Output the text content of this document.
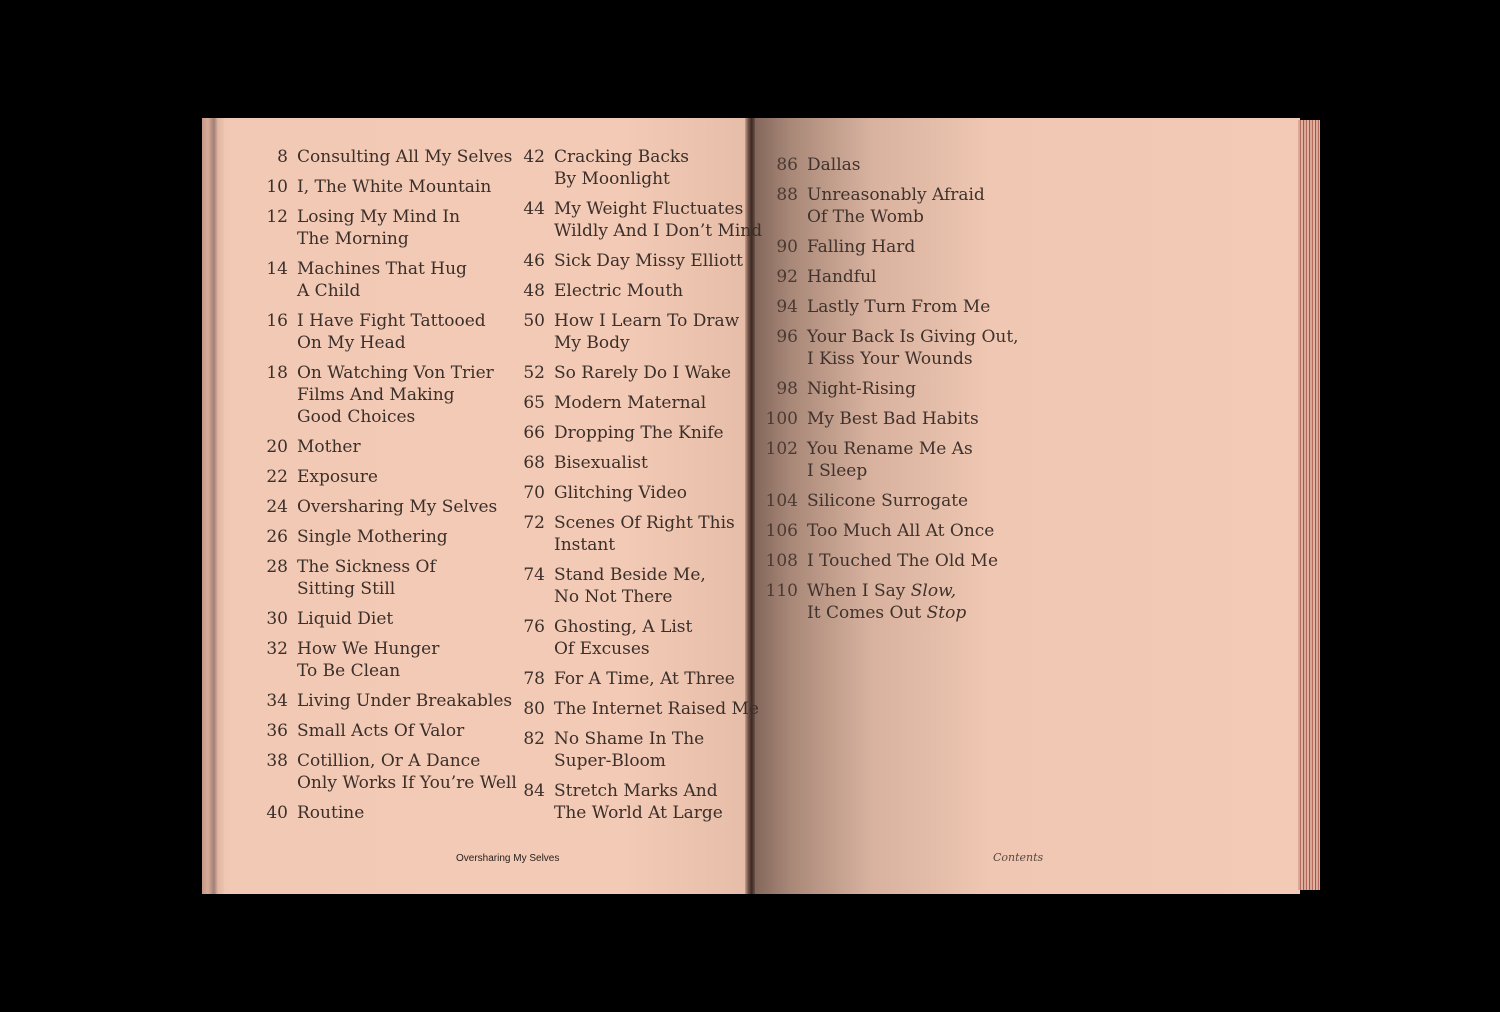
8 Consulting All My Selves
10 I, The White Mountain
12 Losing My Mind In
The Morning
14 Machines That Hug
A Child
16 I Have Fight Tattooed
On My Head
18 On Watching Von Trier
Films And Making
Good Choices
20 Mother
22 Exposure
24 Oversharing My Selves
26 Single Mothering
28 The Sickness Of
Sitting Still
30 Liquid Diet
32 How We Hunger
To Be Clean
34 Living Under Breakables
36 Small Acts Of Valor
38 Cotillion, Or A Dance
Only Works If You’re Well
40 Routine
42 Cracking Backs
By Moonlight
44 My Weight Fluctuates
Wildly And I Don’t Mind
46 Sick Day Missy Elliott
48 Electric Mouth
50 How I Learn To Draw
My Body
52 So Rarely Do I Wake
65 Modern Maternal
66 Dropping The Knife
68 Bisexualist
70 Glitching Video
72 Scenes Of Right This
Instant
74 Stand Beside Me,
No Not There
76 Ghosting, A List
Of Excuses
78 For A Time, At Three
80 The Internet Raised Me
82 No Shame In The
Super-Bloom
84 Stretch Marks And
The World At Large
86 Dallas
88 Unreasonably Afraid
Of The Womb
90 Falling Hard
92 Handful
94 Lastly Turn From Me
96 Your Back Is Giving Out,
I Kiss Your Wounds
98 Night-Rising
100 My Best Bad Habits
102 You Rename Me As
I Sleep
104 Silicone Surrogate
106 Too Much All At Once
108 I Touched The Old Me
110 When I Say Slow,
It Comes Out Stop
Oversharing My Selves	Contents
